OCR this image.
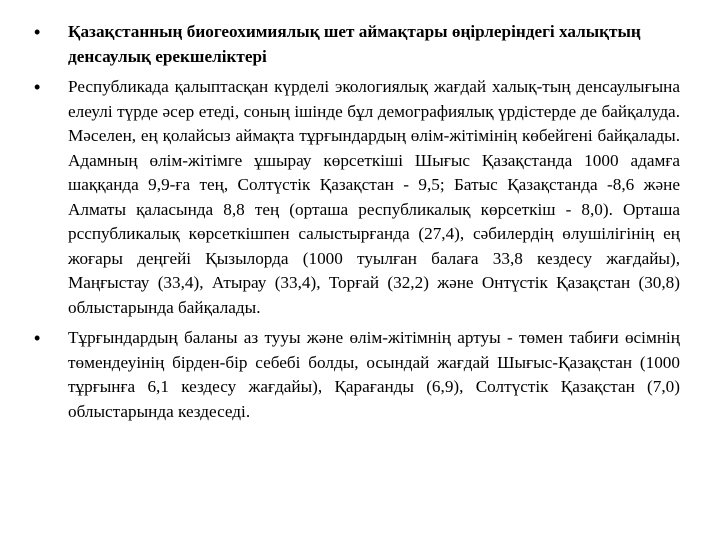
•	Қазақстанның биогеохимиялық шет аймақтары өңірлеріндегі халықтың денсаулық ерекшеліктері

•	Республикада қалыптасқан күрделі экологиялық жағдай халық-тың денсаулығына елеулі түрде әсер етеді, соның ішінде бұл демографиялық үрдістерде де байқалуда. Мәселен, ең қолайсыз аймақта тұрғындардың өлім-жітімінің көбейгені байқалады. Адамның өлім-жітімге ұшырау көрсеткіші Шығыс Қазақстанда 1000 адамға шаққанда 9,9-ға тең, Солтүстік Қазақстан - 9,5; Батыс Қазақстанда -8,6 және Алматы қаласында 8,8 тең (орташа республикалық көрсеткіш - 8,0). Орташа рсспубликалық көрсеткішпен салыстырғанда (27,4), сәбилердің өлушілігінің ең жоғары деңгейі Қызылорда (1000 туылған балаға 33,8 кездесу жағдайы), Маңғыстау (33,4), Атырау (33,4), Торғай (32,2) және Онтүстік Қазақстан (30,8) облыстарында байқалады.

•	Тұрғындардың баланы аз тууы және өлім-жітімнің артуы - төмен табиғи өсімнің төмендеуінің бірден-бір себебі болды, осындай жағдай Шығыс-Қазақстан (1000 тұрғынға 6,1 кездесу жағдайы), Қарағанды (6,9), Солтүстік Қазақстан (7,0) облыстарында кездеседі.
